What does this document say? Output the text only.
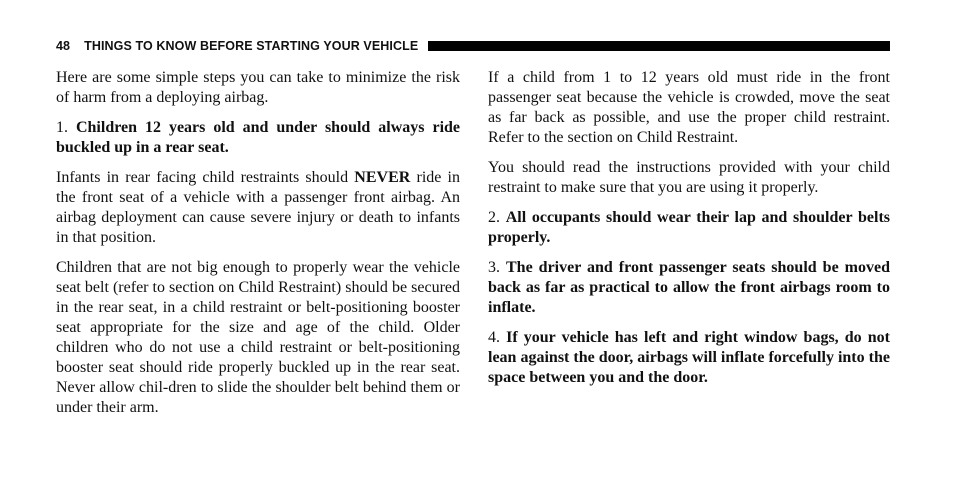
48 THINGS TO KNOW BEFORE STARTING YOUR VEHICLE

Here are some simple steps you can take to minimize the risk of harm from a deploying airbag.

1. Children 12 years old and under should always ride buckled up in a rear seat.

Infants in rear facing child restraints should NEVER ride in the front seat of a vehicle with a passenger front airbag. An airbag deployment can cause severe injury or death to infants in that position.

Children that are not big enough to properly wear the vehicle seat belt (refer to section on Child Restraint) should be secured in the rear seat, in a child restraint or belt-positioning booster seat appropriate for the size and age of the child. Older children who do not use a child restraint or belt-positioning booster seat should ride properly buckled up in the rear seat. Never allow chil-dren to slide the shoulder belt behind them or under their arm.

If a child from 1 to 12 years old must ride in the front passenger seat because the vehicle is crowded, move the seat as far back as possible, and use the proper child restraint. Refer to the section on Child Restraint.

You should read the instructions provided with your child restraint to make sure that you are using it properly.

2. All occupants should wear their lap and shoulder belts properly.

3. The driver and front passenger seats should be moved back as far as practical to allow the front airbags room to inflate.

4. If your vehicle has left and right window bags, do not lean against the door, airbags will inflate forcefully into the space between you and the door.
